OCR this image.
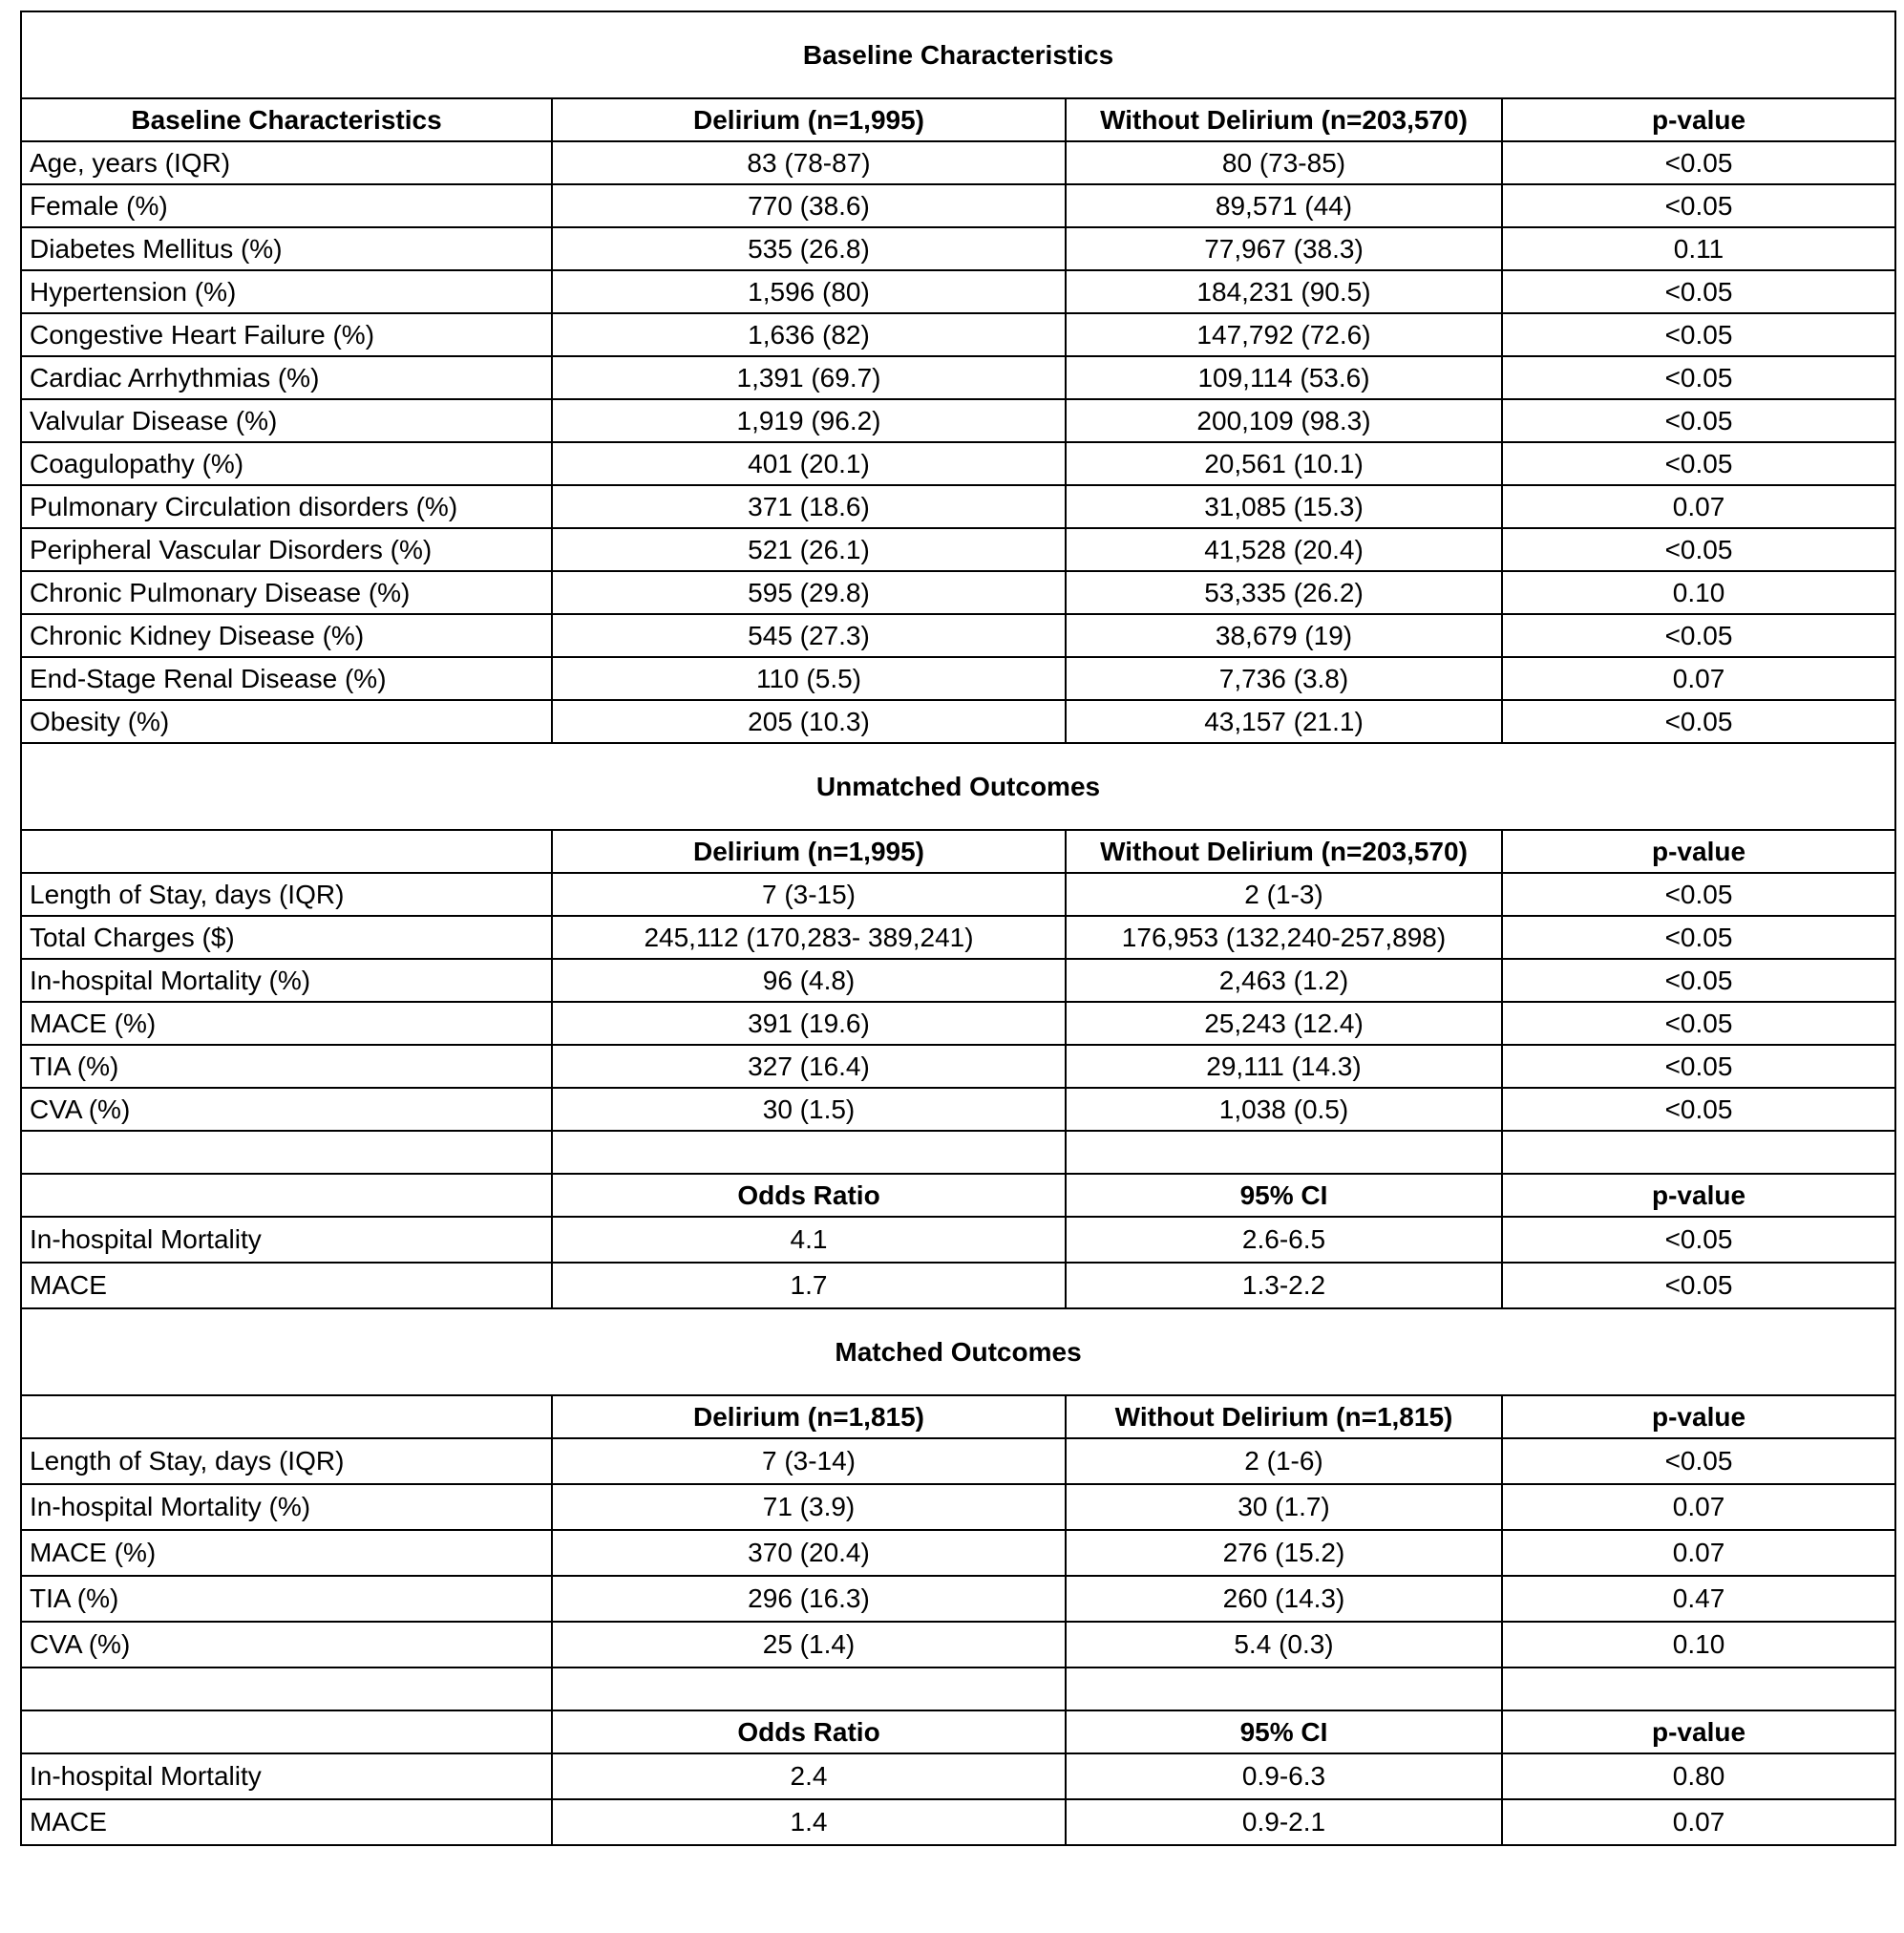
Baseline Characteristics			
Baseline Characteristics	Delirium (n=1,995)	Without Delirium (n=203,570)	p-value
Age, years (IQR)	83 (78-87)	80 (73-85)	<0.05
Female (%)	770 (38.6)	89,571 (44)	<0.05
Diabetes Mellitus (%)	535 (26.8)	77,967 (38.3)	0.11
Hypertension (%)	1,596 (80)	184,231 (90.5)	<0.05
Congestive Heart Failure (%)	1,636 (82)	147,792 (72.6)	<0.05
Cardiac Arrhythmias (%)	1,391 (69.7)	109,114 (53.6)	<0.05
Valvular Disease (%)	1,919 (96.2)	200,109 (98.3)	<0.05
Coagulopathy (%)	401 (20.1)	20,561 (10.1)	<0.05
Pulmonary Circulation disorders (%)	371 (18.6)	31,085 (15.3)	0.07
Peripheral Vascular Disorders (%)	521 (26.1)	41,528 (20.4)	<0.05
Chronic Pulmonary Disease (%)	595 (29.8)	53,335 (26.2)	0.10
Chronic Kidney Disease (%)	545 (27.3)	38,679 (19)	<0.05
End-Stage Renal Disease (%)	110 (5.5)	7,736 (3.8)	0.07
Obesity (%)	205 (10.3)	43,157 (21.1)	<0.05
Unmatched Outcomes			
	Delirium (n=1,995)	Without Delirium (n=203,570)	p-value
Length of Stay, days (IQR)	7 (3-15)	2 (1-3)	<0.05
Total Charges ($)	245,112 (170,283- 389,241)	176,953 (132,240-257,898)	<0.05
In-hospital Mortality (%)	96 (4.8)	2,463 (1.2)	<0.05
MACE (%)	391 (19.6)	25,243 (12.4)	<0.05
TIA (%)	327 (16.4)	29,111 (14.3)	<0.05
CVA (%)	30 (1.5)	1,038 (0.5)	<0.05

	Odds Ratio	95% CI	p-value
In-hospital Mortality	4.1	2.6-6.5	<0.05
MACE	1.7	1.3-2.2	<0.05
Matched Outcomes			
	Delirium (n=1,815)	Without Delirium (n=1,815)	p-value
Length of Stay, days (IQR)	7 (3-14)	2 (1-6)	<0.05
In-hospital Mortality (%)	71 (3.9)	30 (1.7)	0.07
MACE (%)	370 (20.4)	276 (15.2)	0.07
TIA (%)	296 (16.3)	260 (14.3)	0.47
CVA (%)	25 (1.4)	5.4 (0.3)	0.10

	Odds Ratio	95% CI	p-value
In-hospital Mortality	2.4	0.9-6.3	0.80
MACE	1.4	0.9-2.1	0.07
